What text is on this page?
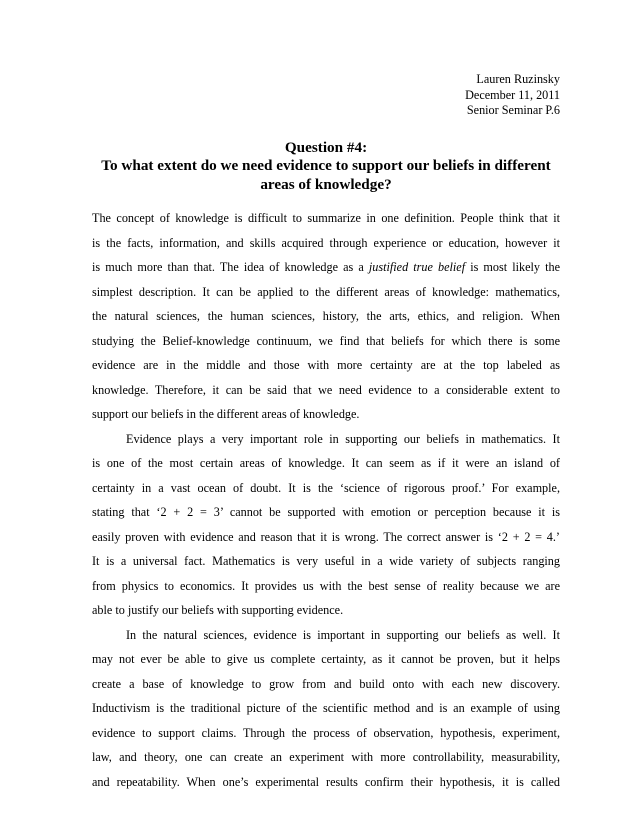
Lauren Ruzinsky
December 11, 2011
Senior Seminar P.6
Question #4:
To what extent do we need evidence to support our beliefs in different
areas of knowledge?

The concept of knowledge is difficult to summarize in one definition. People think that it
is the facts, information, and skills acquired through experience or education, however it
is much more than that. The idea of knowledge as a justified true belief is most likely the
simplest description. It can be applied to the different areas of knowledge: mathematics,
the natural sciences, the human sciences, history, the arts, ethics, and religion. When
studying the Belief-knowledge continuum, we find that beliefs for which there is some
evidence are in the middle and those with more certainty are at the top labeled as
knowledge. Therefore, it can be said that we need evidence to a considerable extent to
support our beliefs in the different areas of knowledge.

Evidence plays a very important role in supporting our beliefs in mathematics. It
is one of the most certain areas of knowledge. It can seem as if it were an island of
certainty in a vast ocean of doubt. It is the ‘science of rigorous proof.’ For example,
stating that ‘2 + 2 = 3’ cannot be supported with emotion or perception because it is
easily proven with evidence and reason that it is wrong. The correct answer is ‘2 + 2 = 4.’
It is a universal fact. Mathematics is very useful in a wide variety of subjects ranging
from physics to economics. It provides us with the best sense of reality because we are
able to justify our beliefs with supporting evidence.

In the natural sciences, evidence is important in supporting our beliefs as well. It
may not ever be able to give us complete certainty, as it cannot be proven, but it helps
create a base of knowledge to grow from and build onto with each new discovery.
Inductivism is the traditional picture of the scientific method and is an example of using
evidence to support claims. Through the process of observation, hypothesis, experiment,
law, and theory, one can create an experiment with more controllability, measurability,
and repeatability. When one’s experimental results confirm their hypothesis, it is called
